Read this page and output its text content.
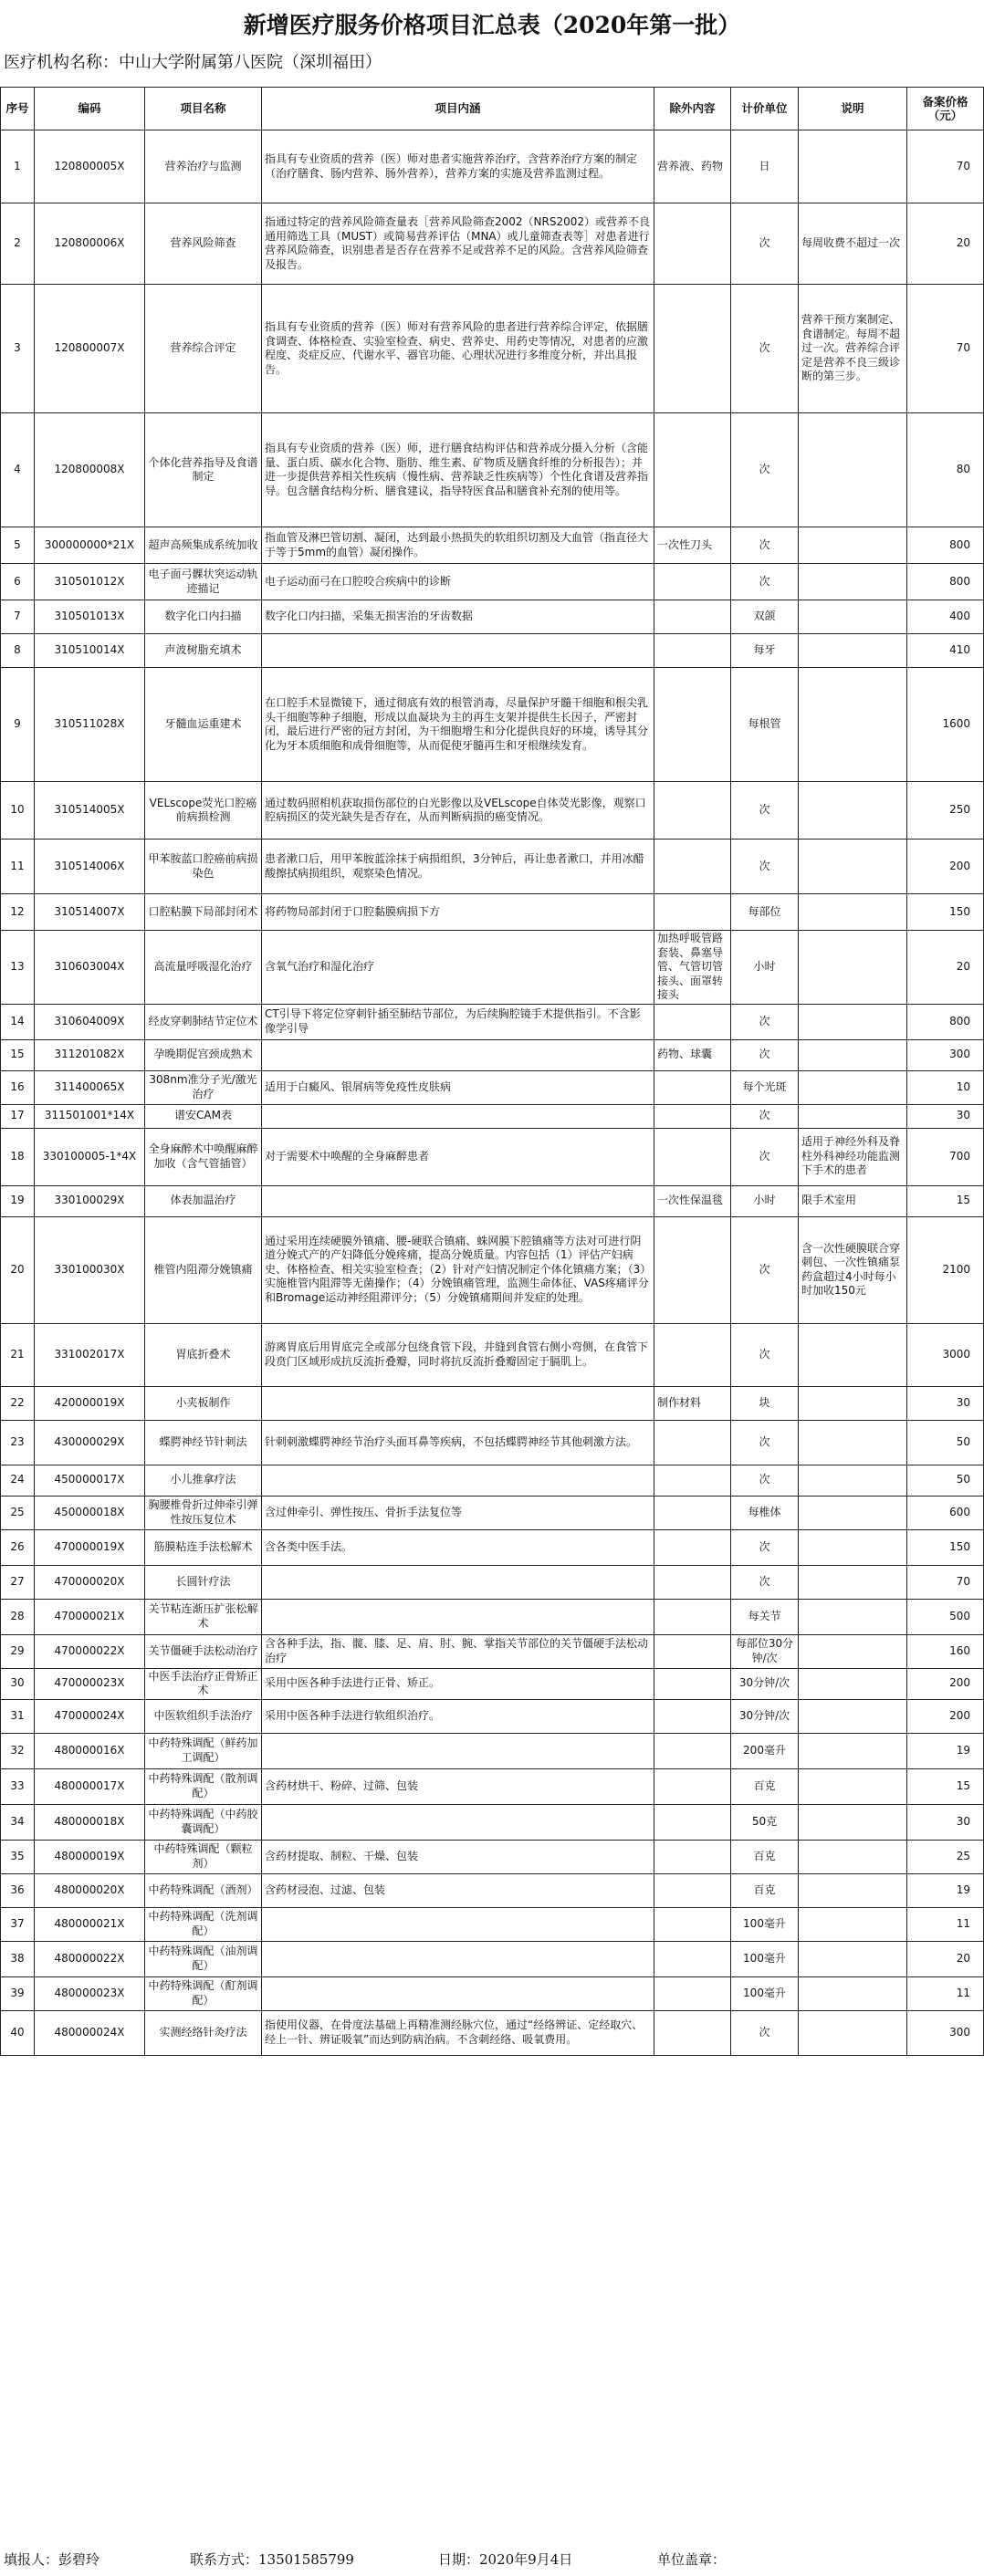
新增医疗服务价格项目汇总表（2020年第一批）
医疗机构名称：中山大学附属第八医院（深圳福田）
序号	编码	项目名称	项目内涵	除外内容	计价单位	说明	备案价格（元）
1	120800005X	营养治疗与监测	指具有专业资质的营养（医）师对患者实施营养治疗，含营养治疗方案的制定（治疗膳食、肠内营养、肠外营养），营养方案的实施及营养监测过程。	营养液、药物	日		70
2	120800006X	营养风险筛查	指通过特定的营养风险筛查量表［营养风险筛查2002（NRS2002）或营养不良通用筛选工具（MUST）或简易营养评估（MNA）或儿童筛查表等］对患者进行营养风险筛查，识别患者是否存在营养不足或营养不足的风险。含营养风险筛查及报告。		次	每周收费不超过一次	20
3	120800007X	营养综合评定	指具有专业资质的营养（医）师对有营养风险的患者进行营养综合评定，依据膳食调查、体格检查、实验室检查、病史、营养史、用药史等情况，对患者的应激程度、炎症反应、代谢水平、器官功能、心理状况进行多维度分析，并出具报告。		次	营养干预方案制定、食谱制定。每周不超过一次。营养综合评定是营养不良三级诊断的第三步。	70
4	120800008X	个体化营养指导及食谱制定	指具有专业资质的营养（医）师，进行膳食结构评估和营养成分摄入分析（含能量、蛋白质、碳水化合物、脂肪、维生素、矿物质及膳食纤维的分析报告）；并进一步提供营养相关性疾病（慢性病、营养缺乏性疾病等）个性化食谱及营养指导。包含膳食结构分析、膳食建议，指导特医食品和膳食补充剂的使用等。		次		80
5	300000000*21X	超声高频集成系统加收	指血管及淋巴管切割、凝闭，达到最小热损失的软组织切割及大血管（指直径大于等于5mm的血管）凝闭操作。	一次性刀头	次		800
6	310501012X	电子面弓髁状突运动轨迹描记	电子运动面弓在口腔咬合疾病中的诊断		次		800
7	310501013X	数字化口内扫描	数字化口内扫描，采集无损害治的牙齿数据		双颌		400
8	310510014X	声波树脂充填术			每牙		410
9	310511028X	牙髓血运重建术	在口腔手术显微镜下，通过彻底有效的根管消毒，尽量保护牙髓干细胞和根尖乳头干细胞等种子细胞，形成以血凝块为主的再生支架并提供生长因子，严密封闭，最后进行严密的冠方封闭，为干细胞增生和分化提供良好的环境，诱导其分化为牙本质细胞和成骨细胞等，从而促使牙髓再生和牙根继续发育。		每根管		1600
10	310514005X	VELscope荧光口腔癌前病损检测	通过数码照相机获取损伤部位的白光影像以及VELscope自体荧光影像，观察口腔病损区的荧光缺失是否存在，从而判断病损的癌变情况。		次		250
11	310514006X	甲苯胺蓝口腔癌前病损染色	患者漱口后，用甲苯胺蓝涂抹于病损组织，3分钟后，再让患者漱口，并用冰醋酸擦拭病损组织，观察染色情况。		次		200
12	310514007X	口腔粘膜下局部封闭术	将药物局部封闭于口腔黏膜病损下方		每部位		150
13	310603004X	高流量呼吸湿化治疗	含氧气治疗和湿化治疗	加热呼吸管路套装、鼻塞导管、气管切管接头、面罩转接头	小时		20
14	310604009X	经皮穿刺肺结节定位术	CT引导下将定位穿刺针插至肺结节部位，为后续胸腔镜手术提供指引。不含影像学引导		次		800
15	311201082X	孕晚期促宫颈成熟术		药物、球囊	次		300
16	311400065X	308nm准分子光/激光治疗	适用于白癜风、银屑病等免疫性皮肤病		每个光斑		10
17	311501001*14X	谱安CAM表			次		30
18	330100005-1*4X	全身麻醉术中唤醒麻醉加收（含气管插管）	对于需要术中唤醒的全身麻醉患者		次	适用于神经外科及脊柱外科神经功能监测下手术的患者	700
19	330100029X	体表加温治疗		一次性保温毯	小时	限手术室用	15
20	330100030X	椎管内阻滞分娩镇痛	通过采用连续硬膜外镇痛、腰-硬联合镇痛、蛛网膜下腔镇痛等方法对可进行阴道分娩式产的产妇降低分娩疼痛，提高分娩质量。内容包括（1）评估产妇病史、体格检查、相关实验室检查；（2）针对产妇情况制定个体化镇痛方案；（3）实施椎管内阻滞等无菌操作；（4）分娩镇痛管理，监测生命体征、VAS疼痛评分和Bromage运动神经阻滞评分；（5）分娩镇痛期间并发症的处理。		次	含一次性硬膜联合穿刺包、一次性镇痛泵药盒超过4小时每小时加收150元	2100
21	331002017X	胃底折叠术	游离胃底后用胃底完全或部分包绕食管下段，并缝到食管右侧小弯侧，在食管下段贲门区域形成抗反流折叠瓣，同时将抗反流折叠瓣固定于膈肌上。		次		3000
22	420000019X	小夹板制作		制作材料	块		30
23	430000029X	蝶腭神经节针刺法	针刺刺激蝶腭神经节治疗头面耳鼻等疾病，不包括蝶腭神经节其他刺激方法。		次		50
24	450000017X	小儿推拿疗法			次		50
25	450000018X	胸腰椎骨折过伸牵引弹性按压复位术	含过伸牵引、弹性按压、骨折手法复位等		每椎体		600
26	470000019X	筋膜粘连手法松解术	含各类中医手法。		次		150
27	470000020X	长圆针疗法			次		70
28	470000021X	关节粘连渐压扩张松解术			每关节		500
29	470000022X	关节僵硬手法松动治疗	含各种手法，指、髋、膝、足、肩、肘、腕、掌指关节部位的关节僵硬手法松动治疗		每部位30分钟/次		160
30	470000023X	中医手法治疗正骨矫正术	采用中医各种手法进行正骨、矫正。		30分钟/次		200
31	470000024X	中医软组织手法治疗	采用中医各种手法进行软组织治疗。		30分钟/次		200
32	480000016X	中药特殊调配（鲜药加工调配）			200毫升		19
33	480000017X	中药特殊调配（散剂调配）	含药材烘干、粉碎、过筛、包装		百克		15
34	480000018X	中药特殊调配（中药胶囊调配）			50克		30
35	480000019X	中药特殊调配（颗粒剂）	含药材提取、制粒、干燥、包装		百克		25
36	480000020X	中药特殊调配（酒剂）	含药材浸泡、过滤、包装		百克		19
37	480000021X	中药特殊调配（洗剂调配）			100毫升		11
38	480000022X	中药特殊调配（油剂调配）			100毫升		20
39	480000023X	中药特殊调配（酊剂调配）			100毫升		11
40	480000024X	实测经络针灸疗法	指使用仪器，在骨度法基础上再精准测经脉穴位，通过“经络辨证、定经取穴、经上一针、辨证吸氧”而达到防病治病。不含刺经络、吸氧费用。		次		300
填报人：彭碧玲	联系方式：13501585799	日期：2020年9月4日	单位盖章：
